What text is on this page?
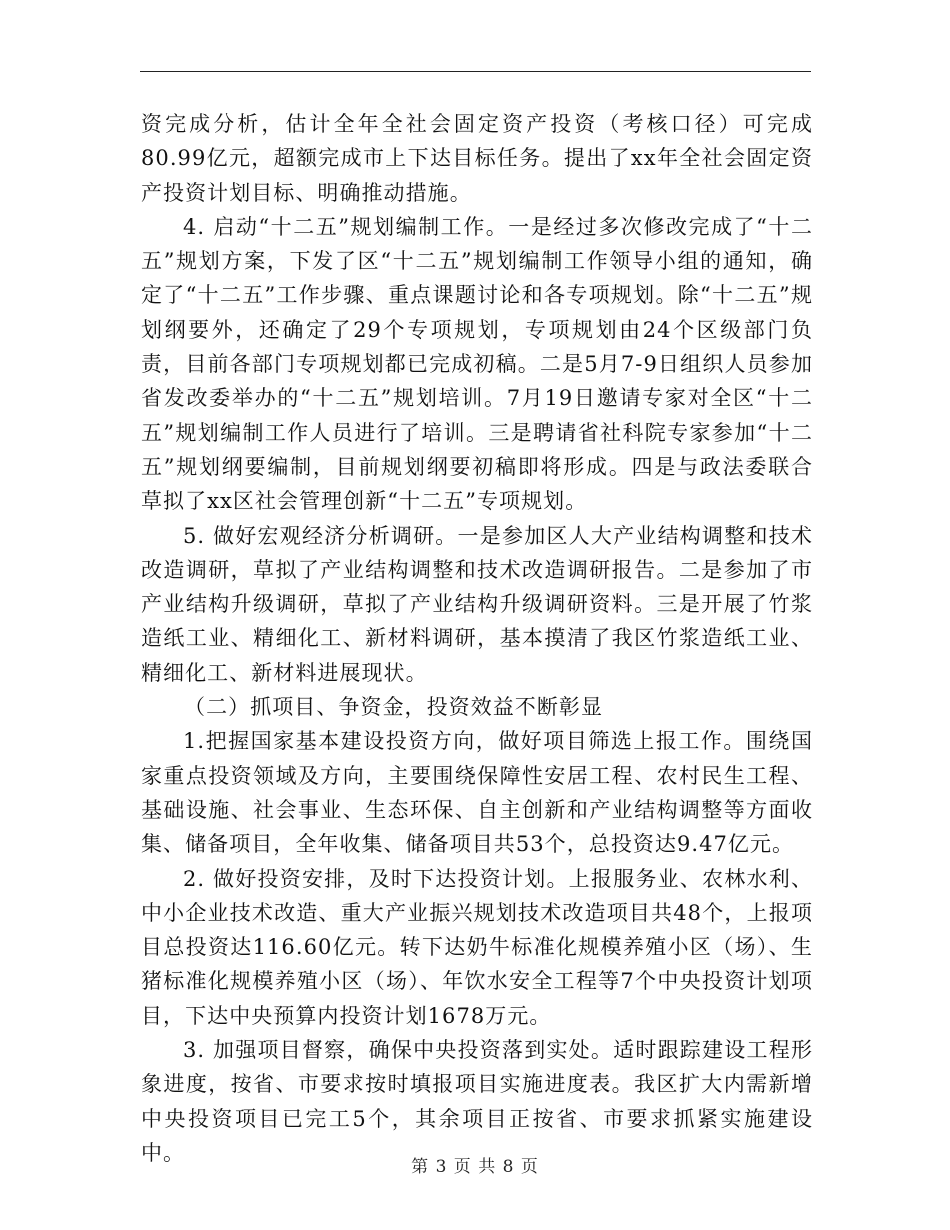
资完成分析，估计全年全社会固定资产投资（考核口径）可完成80.99亿元，超额完成市上下达目标任务。提出了xx年全社会固定资产投资计划目标、明确推动措施。

4. 启动“十二五”规划编制工作。一是经过多次修改完成了“十二五”规划方案，下发了区“十二五”规划编制工作领导小组的通知，确定了“十二五”工作步骤、重点课题讨论和各专项规划。除“十二五”规划纲要外，还确定了29个专项规划，专项规划由24个区级部门负责，目前各部门专项规划都已完成初稿。二是5月7-9日组织人员参加省发改委举办的“十二五”规划培训。7月19日邀请专家对全区“十二五”规划编制工作人员进行了培训。三是聘请省社科院专家参加“十二五”规划纲要编制，目前规划纲要初稿即将形成。四是与政法委联合草拟了xx区社会管理创新“十二五”专项规划。

5. 做好宏观经济分析调研。一是参加区人大产业结构调整和技术改造调研，草拟了产业结构调整和技术改造调研报告。二是参加了市产业结构升级调研，草拟了产业结构升级调研资料。三是开展了竹浆造纸工业、精细化工、新材料调研，基本摸清了我区竹浆造纸工业、精细化工、新材料进展现状。

（二）抓项目、争资金，投资效益不断彰显

1.把握国家基本建设投资方向，做好项目筛选上报工作。围绕国家重点投资领域及方向，主要围绕保障性安居工程、农村民生工程、基础设施、社会事业、生态环保、自主创新和产业结构调整等方面收集、储备项目，全年收集、储备项目共53个，总投资达9.47亿元。

2. 做好投资安排，及时下达投资计划。上报服务业、农林水利、中小企业技术改造、重大产业振兴规划技术改造项目共48个，上报项目总投资达116.60亿元。转下达奶牛标准化规模养殖小区（场）、生猪标准化规模养殖小区（场）、年饮水安全工程等7个中央投资计划项目，下达中央预算内投资计划1678万元。

3. 加强项目督察，确保中央投资落到实处。适时跟踪建设工程形象进度，按省、市要求按时填报项目实施进度表。我区扩大内需新增中央投资项目已完工5个，其余项目正按省、市要求抓紧实施建设中。

第 3 页 共 8 页
